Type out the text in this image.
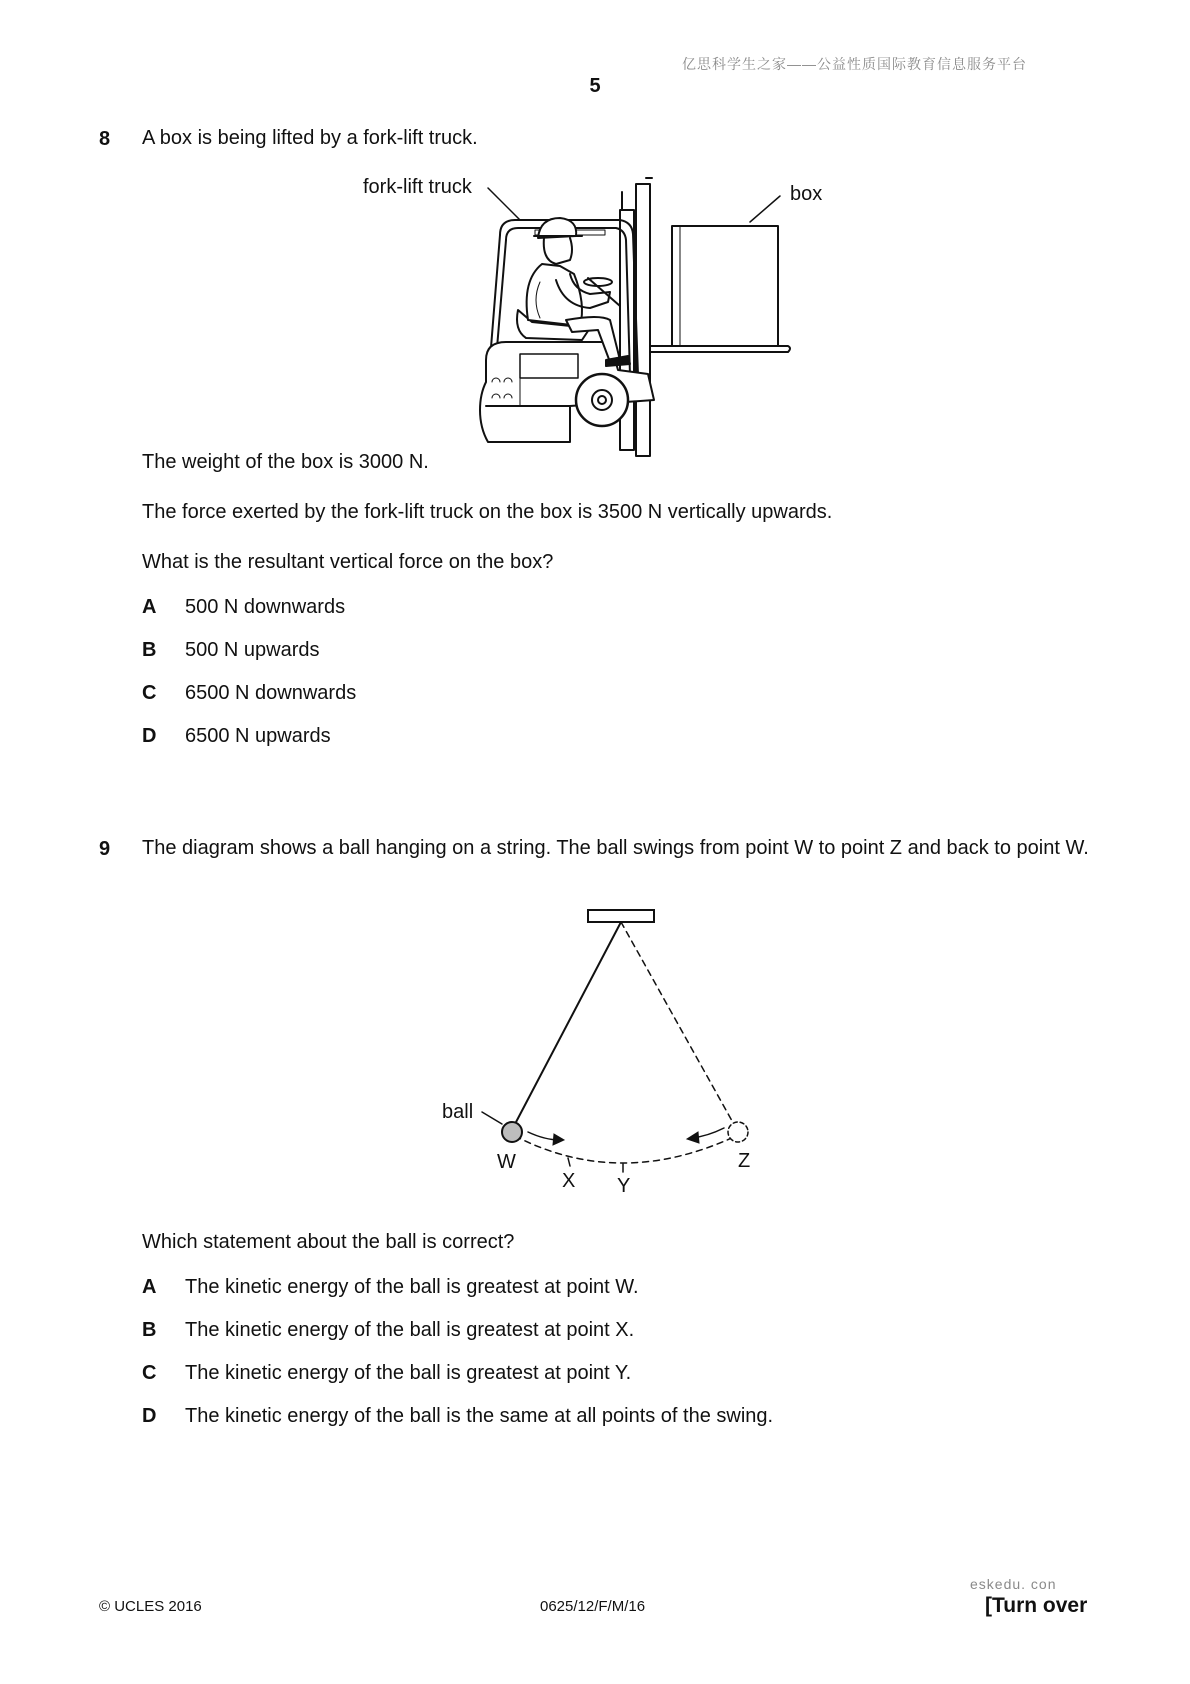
亿思科学生之家——公益性质国际教育信息服务平台
5
8 A box is being lifted by a fork-lift truck.
fork-lift truck	box
The weight of the box is 3000 N.
The force exerted by the fork-lift truck on the box is 3500 N vertically upwards.
What is the resultant vertical force on the box?
A 500 N downwards
B 500 N upwards
C 6500 N downwards
D 6500 N upwards
9 The diagram shows a ball hanging on a string. The ball swings from point W to point Z and back to point W.
ball
W
X Y
Z
Which statement about the ball is correct?
A The kinetic energy of the ball is greatest at point W.
B The kinetic energy of the ball is greatest at point X.
C The kinetic energy of the ball is greatest at point Y.
D The kinetic energy of the ball is the same at all points of the swing.
eskedu. con
© UCLES 2016	0625/12/F/M/16	[Turn over
